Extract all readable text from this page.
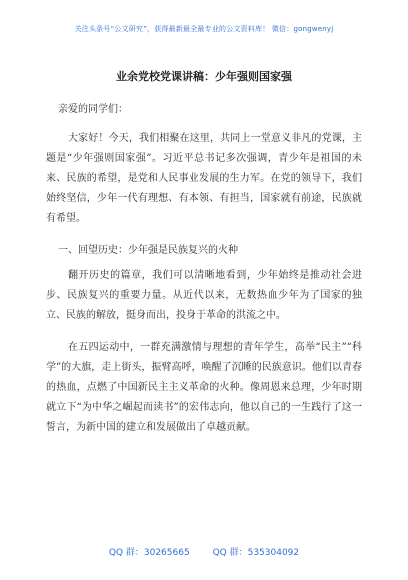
关注头条号“公文研究”，获得最新最全最专业的公文资料库！ 微信：gongwenyj
业余党校党课讲稿：少年强则国家强
亲爱的同学们：

大家好！今天，我们相聚在这里，共同上一堂意义非凡的党课，主题是“少年强则国家强”。习近平总书记多次强调，青少年是祖国的未来、民族的希望，是党和人民事业发展的生力军。在党的领导下，我们始终坚信，少年一代有理想、有本领、有担当，国家就有前途，民族就有希望。

一、回望历史：少年强是民族复兴的火种

翻开历史的篇章，我们可以清晰地看到，少年始终是推动社会进步、民族复兴的重要力量。从近代以来，无数热血少年为了国家的独立、民族的解放，挺身而出，投身于革命的洪流之中。

在五四运动中，一群充满激情与理想的青年学生，高举“民主”“科学”的大旗，走上街头，振臂高呼，唤醒了沉睡的民族意识。他们以青春的热血，点燃了中国新民主主义革命的火种。像周恩来总理，少年时期就立下“为中华之崛起而读书”的宏伟志向，他以自己的一生践行了这一誓言，为新中国的建立和发展做出了卓越贡献。

QQ 群：30265665	QQ 群：535304092
